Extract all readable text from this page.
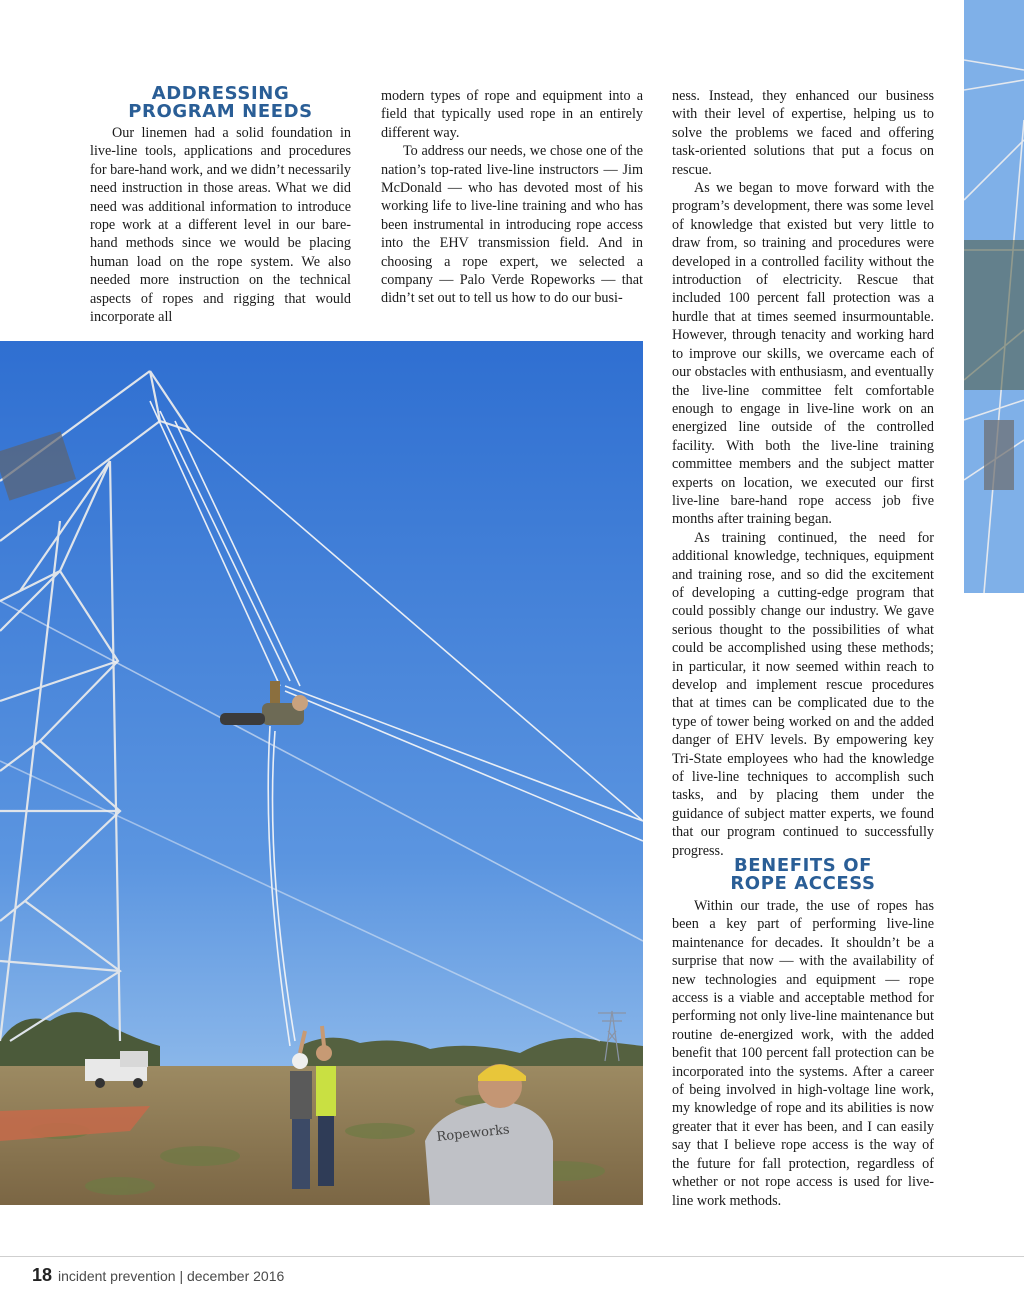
ADDRESSING
PROGRAM NEEDS
BENEFITS OF
ROPE ACCESS

Our linemen had a solid foundation in live-line tools, applications and procedures for bare-hand work, and we didn’t necessarily need instruction in those areas. What we did need was additional information to introduce rope work at a different level in our bare-hand methods since we would be placing human load on the rope system. We also needed more instruction on the technical aspects of ropes and rigging that would incorporate all

modern types of rope and equipment into a field that typically used rope in an entirely different way.

To address our needs, we chose one of the nation’s top-rated live-line instructors — Jim McDonald — who has devoted most of his working life to live-line training and who has been instrumental in introducing rope access into the EHV transmission field. And in choosing a rope expert, we selected a company — Palo Verde Ropeworks — that didn’t set out to tell us how to do our busi-

ness. Instead, they enhanced our business with their level of expertise, helping us to solve the problems we faced and offering task-oriented solutions that put a focus on rescue.

As we began to move forward with the program’s development, there was some level of knowledge that existed but very little to draw from, so training and procedures were developed in a controlled facility without the introduction of electricity. Rescue that included 100 percent fall protection was a hurdle that at times seemed insurmountable. However, through tenacity and working hard to improve our skills, we overcame each of our obstacles with enthusiasm, and eventually the live-line committee felt comfortable enough to engage in live-line work on an energized line outside of the controlled facility. With both the live-line training committee members and the subject matter experts on location, we executed our first live-line bare-hand rope access job five months after training began.

As training continued, the need for additional knowledge, techniques, equipment and training rose, and so did the excitement of developing a cutting-edge program that could possibly change our industry. We gave serious thought to the possibilities of what could be accomplished using these methods; in particular, it now seemed within reach to develop and implement rescue procedures that at times can be complicated due to the type of tower being worked on and the added danger of EHV levels. By empowering key Tri-State employees who had the knowledge of live-line techniques to accomplish such tasks, and by placing them under the guidance of subject matter experts, we found that our program continued to successfully progress.

Within our trade, the use of ropes has been a key part of performing live-line maintenance for decades. It shouldn’t be a surprise that now — with the availability of new technologies and equipment — rope access is a viable and acceptable method for performing not only live-line maintenance but routine de-energized work, with the added benefit that 100 percent fall protection can be incorporated into the systems. After a career of being involved in high-voltage line work, my knowledge of rope and its abilities is now greater that it ever has been, and I can easily say that I believe rope access is the way of the future for fall protection, regardless of whether or not rope access is used for live-line work methods.

Ropeworks
18 incident prevention | december 2016
